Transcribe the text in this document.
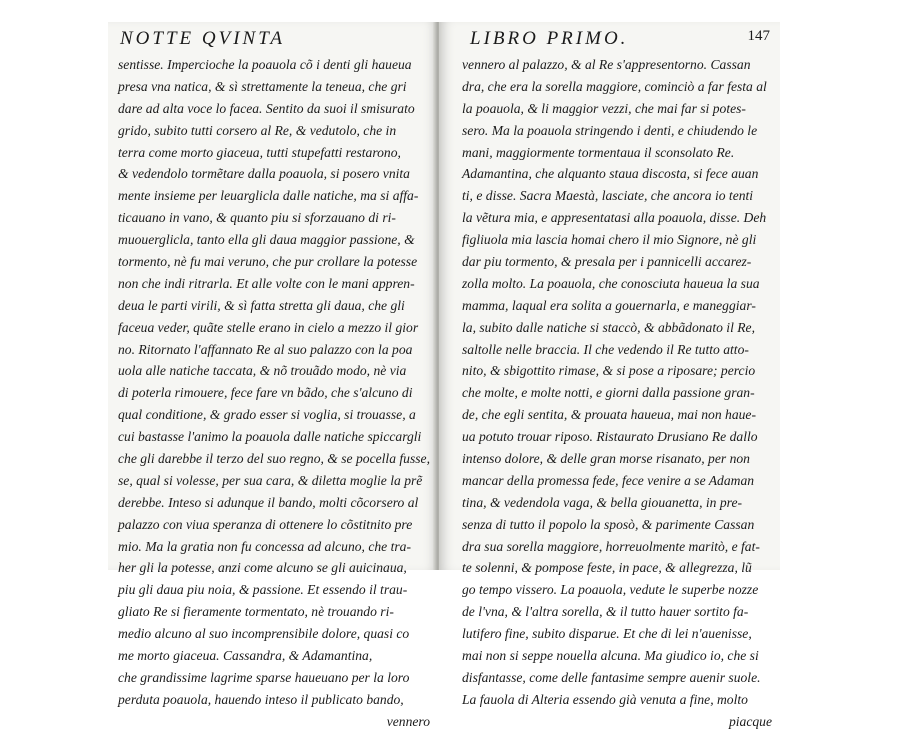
NOTTE QVINTA
sentisse. Impercioche la poauola cõ i denti gli haueua
presa vna natica, & sì strettamente la teneua, che gri
dare ad alta voce lo facea. Sentito da suoi il smisurato
grido, subito tutti corsero al Re, & vedutolo, che in
terra come morto giaceua, tutti stupefatti restarono,
& vedendolo tormẽtare dalla poauola, si posero vnita
mente insieme per leuarglicla dalle natiche, ma si affa-
ticauano in vano, & quanto piu si sforzauano di ri-
muouerglicla, tanto ella gli daua maggior passione, &
tormento, nè fu mai veruno, che pur crollare la potesse
non che indi ritrarla. Et alle volte con le mani appren-
deua le parti virili, & sì fatta stretta gli daua, che gli
faceua veder, quãte stelle erano in cielo a mezzo il gior
no. Ritornato l'affannato Re al suo palazzo con la poa
uola alle natiche taccata, & nõ trouãdo modo, nè via
di poterla rimouere, fece fare vn bãdo, che s'alcuno di
qual conditione, & grado esser si voglia, si trouasse, a
cui bastasse l'animo la poauola dalle natiche spiccargli
che gli darebbe il terzo del suo regno, & se pocella fusse,
se, qual si volesse, per sua cara, & diletta moglie la prẽ
derebbe. Inteso si adunque il bando, molti cõcorsero al
palazzo con viua speranza di ottenere lo cõstitnito pre
mio. Ma la gratia non fu concessa ad alcuno, che tra-
her gli la potesse, anzi come alcuno se gli auicinaua,
piu gli daua piu noia, & passione. Et essendo il trau-
gliato Re si fieramente tormentato, nè trouando ri-
medio alcuno al suo incomprensibile dolore, quasi co
me morto giaceua. Cassandra, & Adamantina,
che grandissime lagrime sparse haueuano per la loro
perduta poauola, hauendo inteso il publicato bando,
vennero
LIBRO PRIMO.	147
vennero al palazzo, & al Re s'appresentorno. Cassan
dra, che era la sorella maggiore, cominciò a far festa al
la poauola, & li maggior vezzi, che mai far si potes-
sero. Ma la poauola stringendo i denti, e chiudendo le
mani, maggiormente tormentaua il sconsolato Re.
Adamantina, che alquanto staua discosta, si fece auan
ti, e disse. Sacra Maestà, lasciate, che ancora io tenti
la vẽtura mia, e appresentatasi alla poauola, disse. Deh
figliuola mia lascia homai chero il mio Signore, nè gli
dar piu tormento, & presala per i pannicelli accarez-
zolla molto. La poauola, che conosciuta haueua la sua
mamma, laqual era solita a gouernarla, e maneggiar-
la, subito dalle natiche si staccò, & abbãdonato il Re,
saltolle nelle braccia. Il che vedendo il Re tutto atto-
nito, & sbigottito rimase, & si pose a riposare; percio
che molte, e molte notti, e giorni dalla passione gran-
de, che egli sentita, & prouata haueua, mai non haue-
ua potuto trouar riposo. Ristaurato Drusiano Re dallo
intenso dolore, & delle gran morse risanato, per non
mancar della promessa fede, fece venire a se Adaman
tina, & vedendola vaga, & bella giouanetta, in pre-
senza di tutto il popolo la sposò, & parimente Cassan
dra sua sorella maggiore, horreuolmente maritò, e fat-
te solenni, & pompose feste, in pace, & allegrezza, lũ
go tempo vissero. La poauola, vedute le superbe nozze
de l'vna, & l'altra sorella, & il tutto hauer sortito fa-
lutifero fine, subito disparue. Et che di lei n'auenisse,
mai non si seppe nouella alcuna. Ma giudico io, che si
disfantasse, come delle fantasime sempre auenir suole.
La fauola di Alteria essendo già venuta a fine, molto
piacque
